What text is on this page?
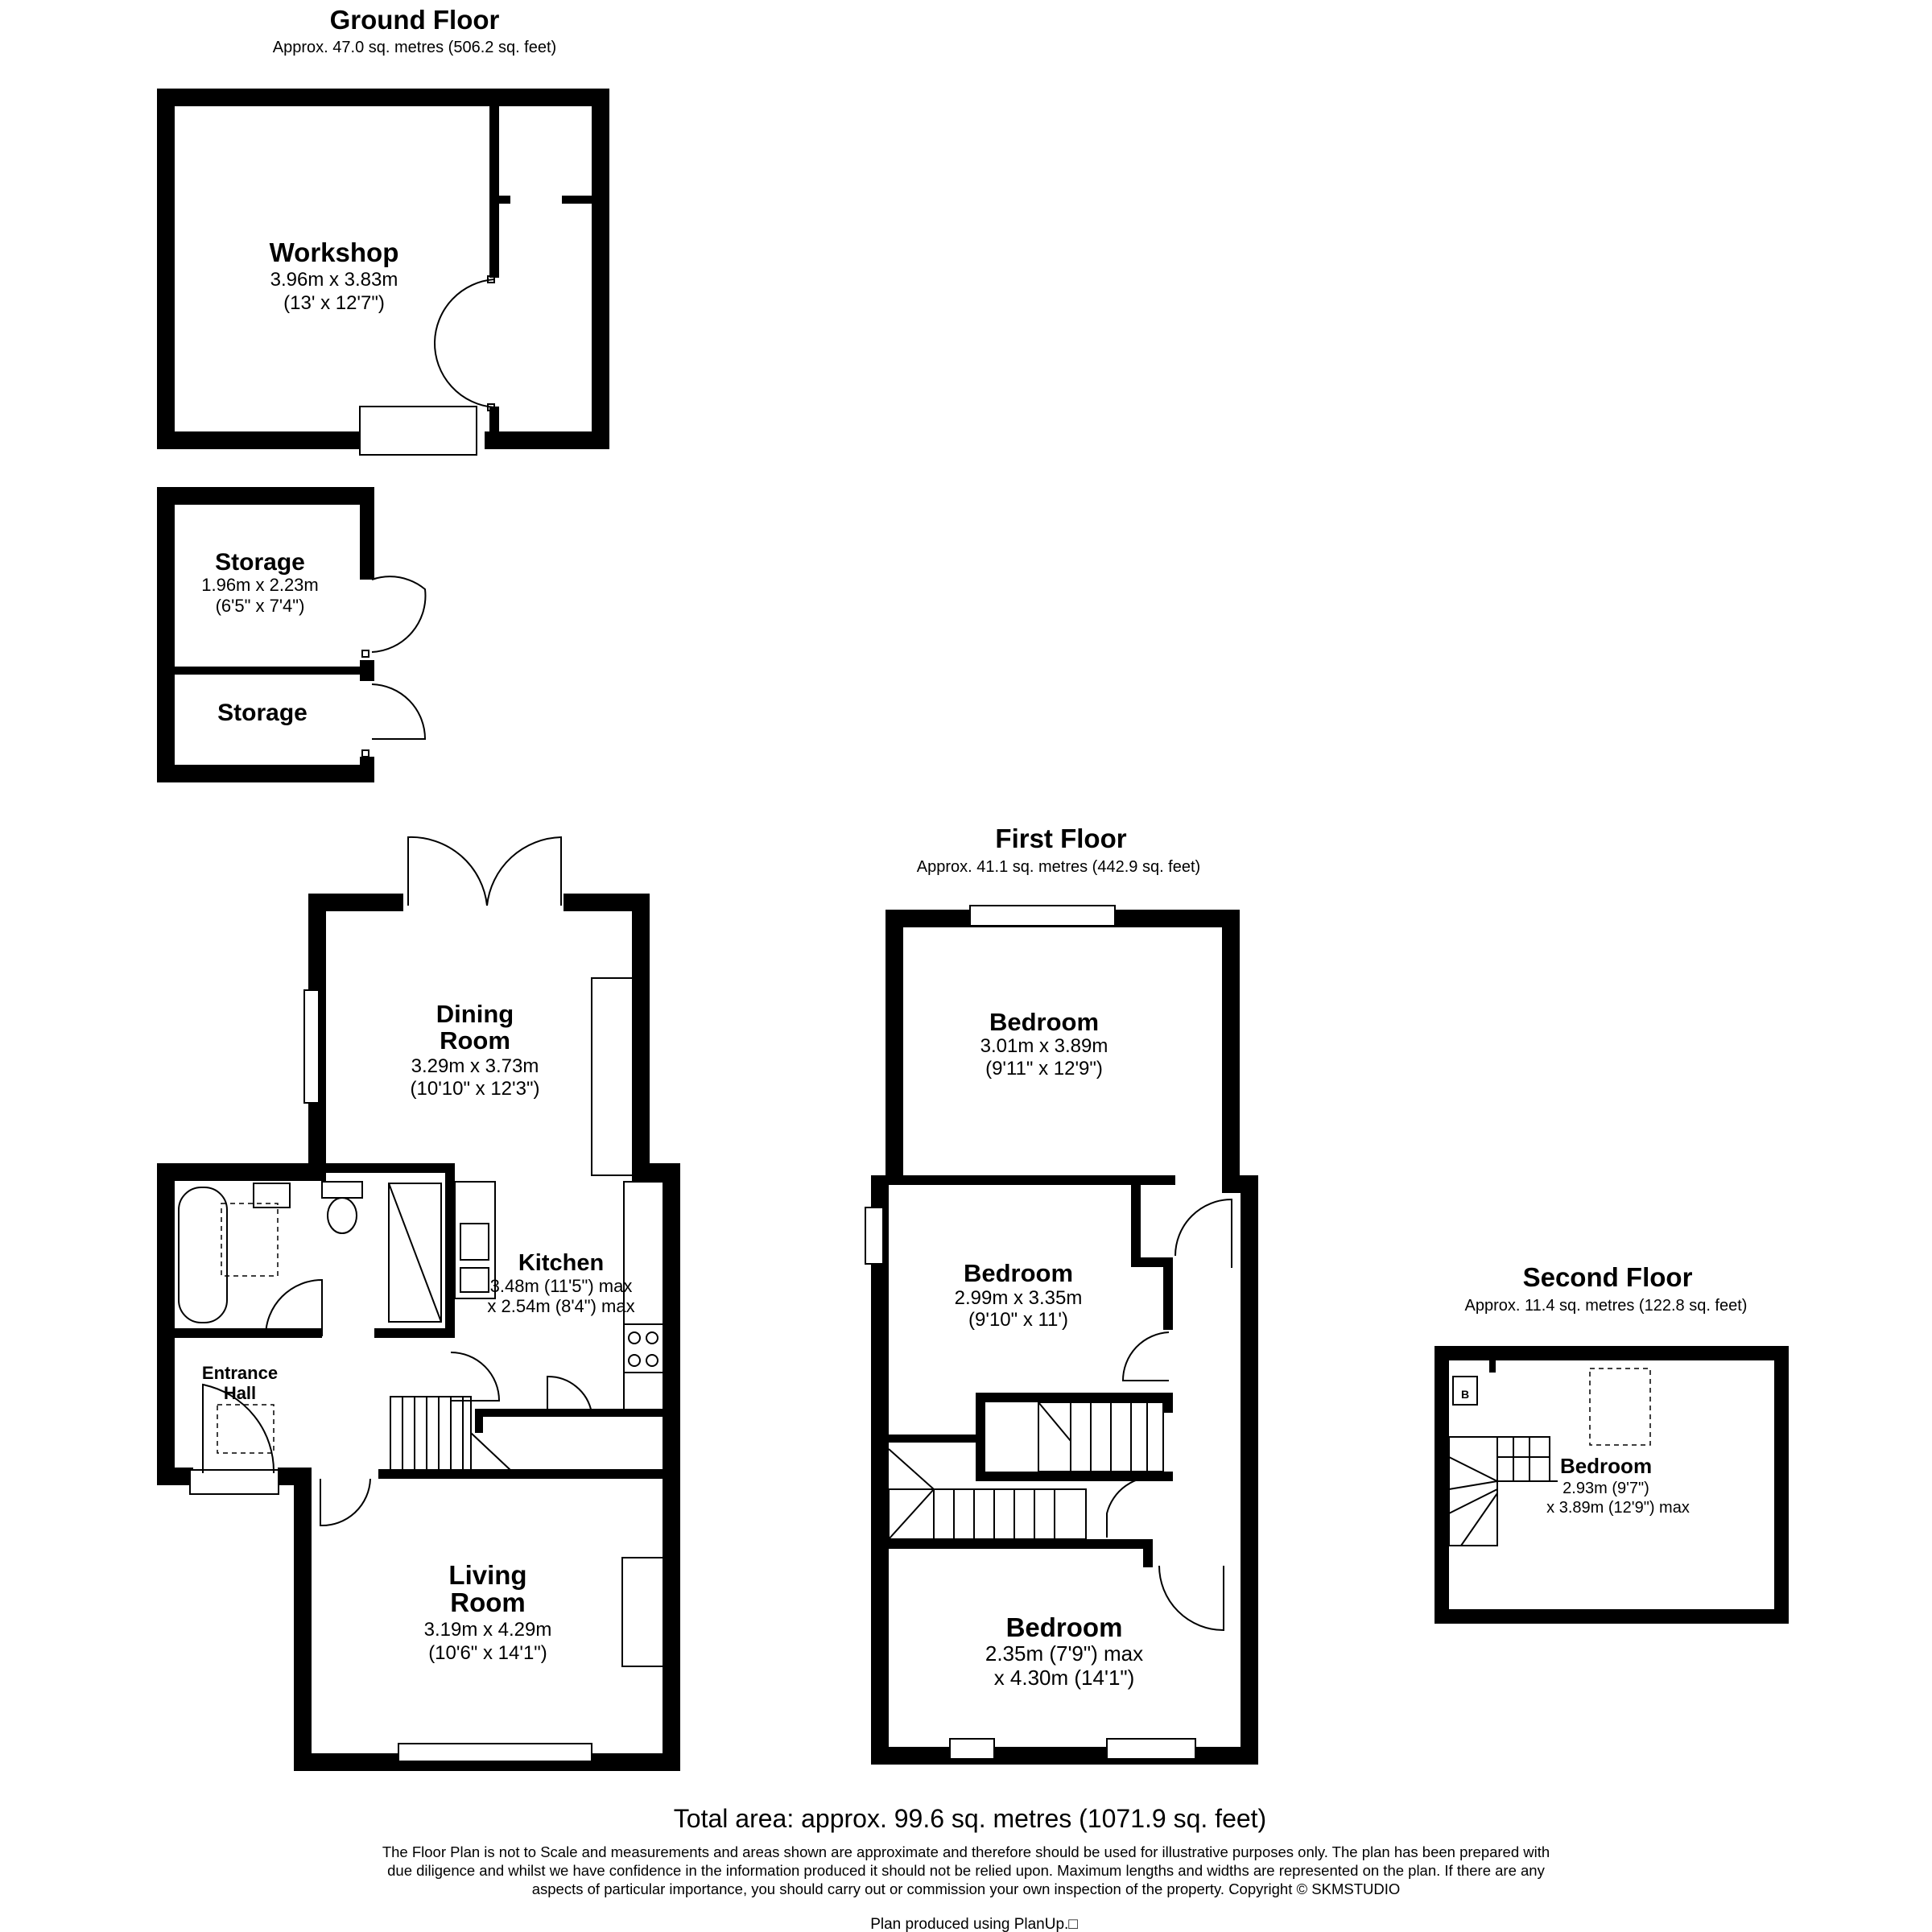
Ground Floor
Approx. 47.0 sq. metres (506.2 sq. feet)
Workshop
3.96m x 3.83m
(13' x 12'7")
Storage
1.96m x 2.23m
(6'5" x 7'4")
Storage
Dining
Room
3.29m x 3.73m
(10'10" x 12'3")
Kitchen
3.48m (11'5") max
x 2.54m (8'4") max
Entrance
Hall
Living
Room
3.19m x 4.29m
(10'6" x 14'1")
First Floor
Approx. 41.1 sq. metres (442.9 sq. feet)
Bedroom
3.01m x 3.89m
(9'11" x 12'9")
Bedroom
2.99m x 3.35m
(9'10" x 11')
Bedroom
2.35m (7'9") max
x 4.30m (14'1")
Second Floor
Approx. 11.4 sq. metres (122.8 sq. feet)
B
Bedroom
2.93m (9'7")
x 3.89m (12'9") max
Total area: approx. 99.6 sq. metres (1071.9 sq. feet)
The Floor Plan is not to Scale and measurements and areas shown are approximate and therefore should be used for illustrative purposes only. The plan has been prepared with
due diligence and whilst we have confidence in the information produced it should not be relied upon. Maximum lengths and widths are represented on the plan. If there are any
aspects of particular importance, you should carry out or commission your own inspection of the property. Copyright © SKMSTUDIO
Plan produced using PlanUp.□
